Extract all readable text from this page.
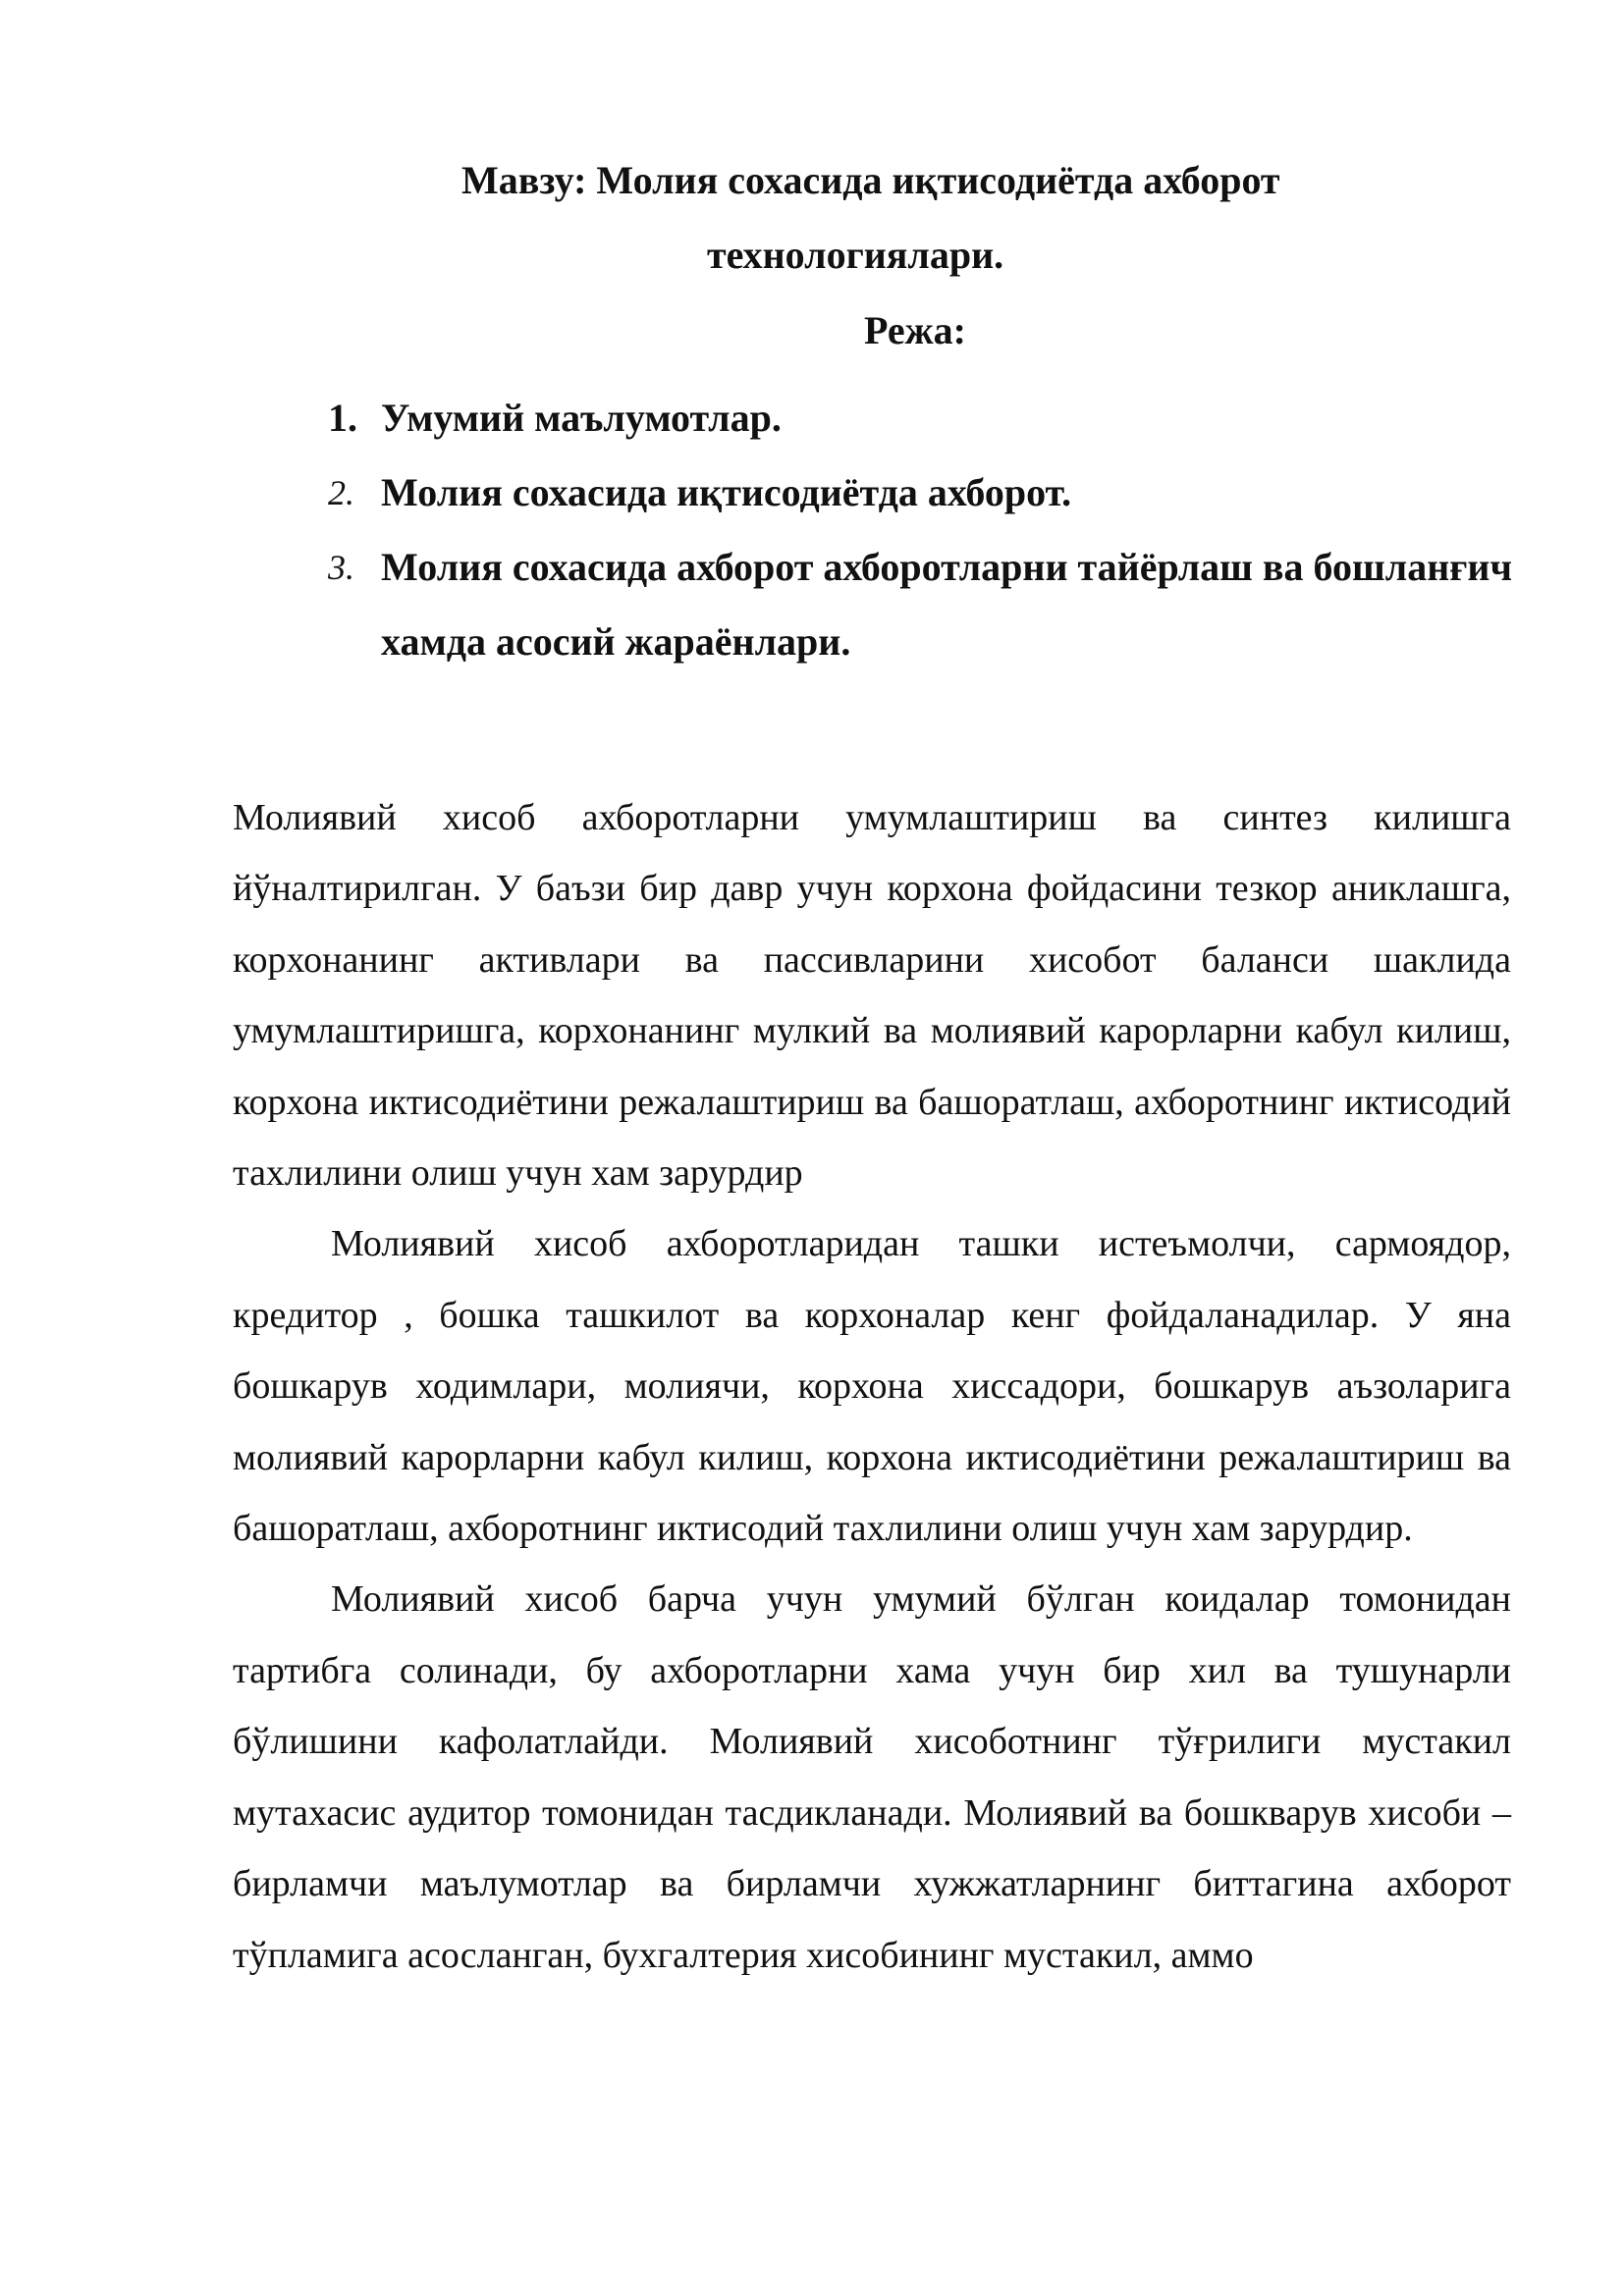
Мавзу: Молия сохасида иқтисодиётда ахборот
технологиялари.
Режа:
1. Умумий маълумотлар.
2. Молия сохасида иқтисодиётда ахборот.
3. Молия сохасида ахборот ахборотларни тайёрлаш ва бошланғич хамда асосий жараёнлари.

Молиявий хисоб ахборотларни умумлаштириш ва синтез килишга йўналтирилган. У баъзи бир давр учун корхона фойдасини тезкор аниклашга, корхонанинг активлари ва пассивларини хисобот баланси шаклида умумлаштиришга, корхонанинг мулкий ва молиявий карорларни кабул килиш, корхона иктисодиётини режалаштириш ва башоратлаш, ахборотнинг иктисодий тахлилини олиш учун хам зарурдир

Молиявий хисоб ахборотларидан ташки истеъмолчи, сармоядор, кредитор , бошка ташкилот ва корхоналар кенг фойдаланадилар. У яна бошкарув ходимлари, молиячи, корхона хиссадори, бошкарув аъзоларига молиявий карорларни кабул килиш, корхона иктисодиётини режалаштириш ва башоратлаш, ахборотнинг иктисодий тахлилини олиш учун хам зарурдир.

Молиявий хисоб барча учун умумий бўлган коидалар томонидан тартибга солинади, бу ахборотларни хама учун бир хил ва тушунарли бўлишини кафолатлайди. Молиявий хисоботнинг тўғрилиги мустакил мутахасис аудитор томонидан тасдикланади. Молиявий ва бошкварув хисоби – бирламчи маълумотлар ва бирламчи хужжатларнинг биттагина ахборот тўпламига асосланган, бухгалтерия хисобининг мустакил, аммо
